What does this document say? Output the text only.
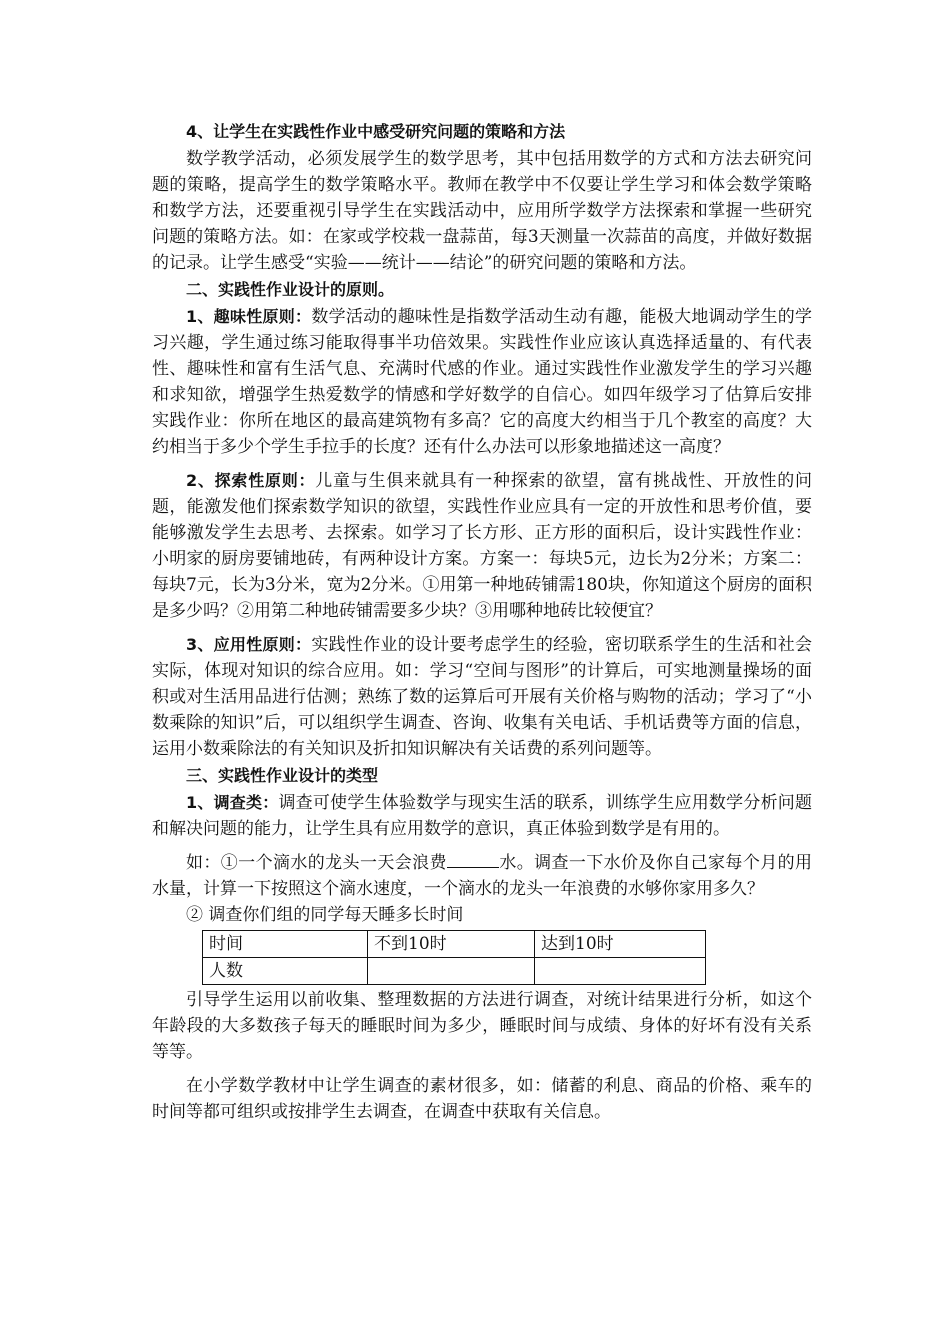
4、让学生在实践性作业中感受研究问题的策略和方法

数学教学活动，必须发展学生的数学思考，其中包括用数学的方式和方法去研究问题的策略，提高学生的数学策略水平。教师在教学中不仅要让学生学习和体会数学策略和数学方法，还要重视引导学生在实践活动中，应用所学数学方法探索和掌握一些研究问题的策略方法。如：在家或学校栽一盘蒜苗，每3天测量一次蒜苗的高度，并做好数据的记录。让学生感受“实验——统计——结论”的研究问题的策略和方法。

二、实践性作业设计的原则。

1、趣味性原则：数学活动的趣味性是指数学活动生动有趣，能极大地调动学生的学习兴趣，学生通过练习能取得事半功倍效果。实践性作业应该认真选择适量的、有代表性、趣味性和富有生活气息、充满时代感的作业。通过实践性作业激发学生的学习兴趣和求知欲，增强学生热爱数学的情感和学好数学的自信心。如四年级学习了估算后安排实践作业：你所在地区的最高建筑物有多高？它的高度大约相当于几个教室的高度？大约相当于多少个学生手拉手的长度？还有什么办法可以形象地描述这一高度？

2、探索性原则：儿童与生俱来就具有一种探索的欲望，富有挑战性、开放性的问题，能激发他们探索数学知识的欲望，实践性作业应具有一定的开放性和思考价值，要能够激发学生去思考、去探索。如学习了长方形、正方形的面积后，设计实践性作业：小明家的厨房要铺地砖，有两种设计方案。方案一：每块5元，边长为2分米；方案二：每块7元，长为3分米，宽为2分米。①用第一种地砖铺需180块，你知道这个厨房的面积是多少吗？②用第二种地砖铺需要多少块？③用哪种地砖比较便宜？

3、应用性原则：实践性作业的设计要考虑学生的经验，密切联系学生的生活和社会实际，体现对知识的综合应用。如：学习“空间与图形”的计算后，可实地测量操场的面积或对生活用品进行估测；熟练了数的运算后可开展有关价格与购物的活动；学习了“小数乘除的知识”后，可以组织学生调查、咨询、收集有关电话、手机话费等方面的信息，运用小数乘除法的有关知识及折扣知识解决有关话费的系列问题等。

三、实践性作业设计的类型

1、调查类：调查可使学生体验数学与现实生活的联系，训练学生应用数学分析问题和解决问题的能力，让学生具有应用数学的意识，真正体验到数学是有用的。

如：①一个滴水的龙头一天会浪费	水。调查一下水价及你自己家每个月的用水量，计算一下按照这个滴水速度，一个滴水的龙头一年浪费的水够你家用多久？

② 调查你们组的同学每天睡多长时间

时间	不到10时	达到10时
人数		

引导学生运用以前收集、整理数据的方法进行调查，对统计结果进行分析，如这个年龄段的大多数孩子每天的睡眠时间为多少，睡眠时间与成绩、身体的好坏有没有关系等等。

在小学数学教材中让学生调查的素材很多，如：储蓄的利息、商品的价格、乘车的时间等都可组织或按排学生去调查，在调查中获取有关信息。
